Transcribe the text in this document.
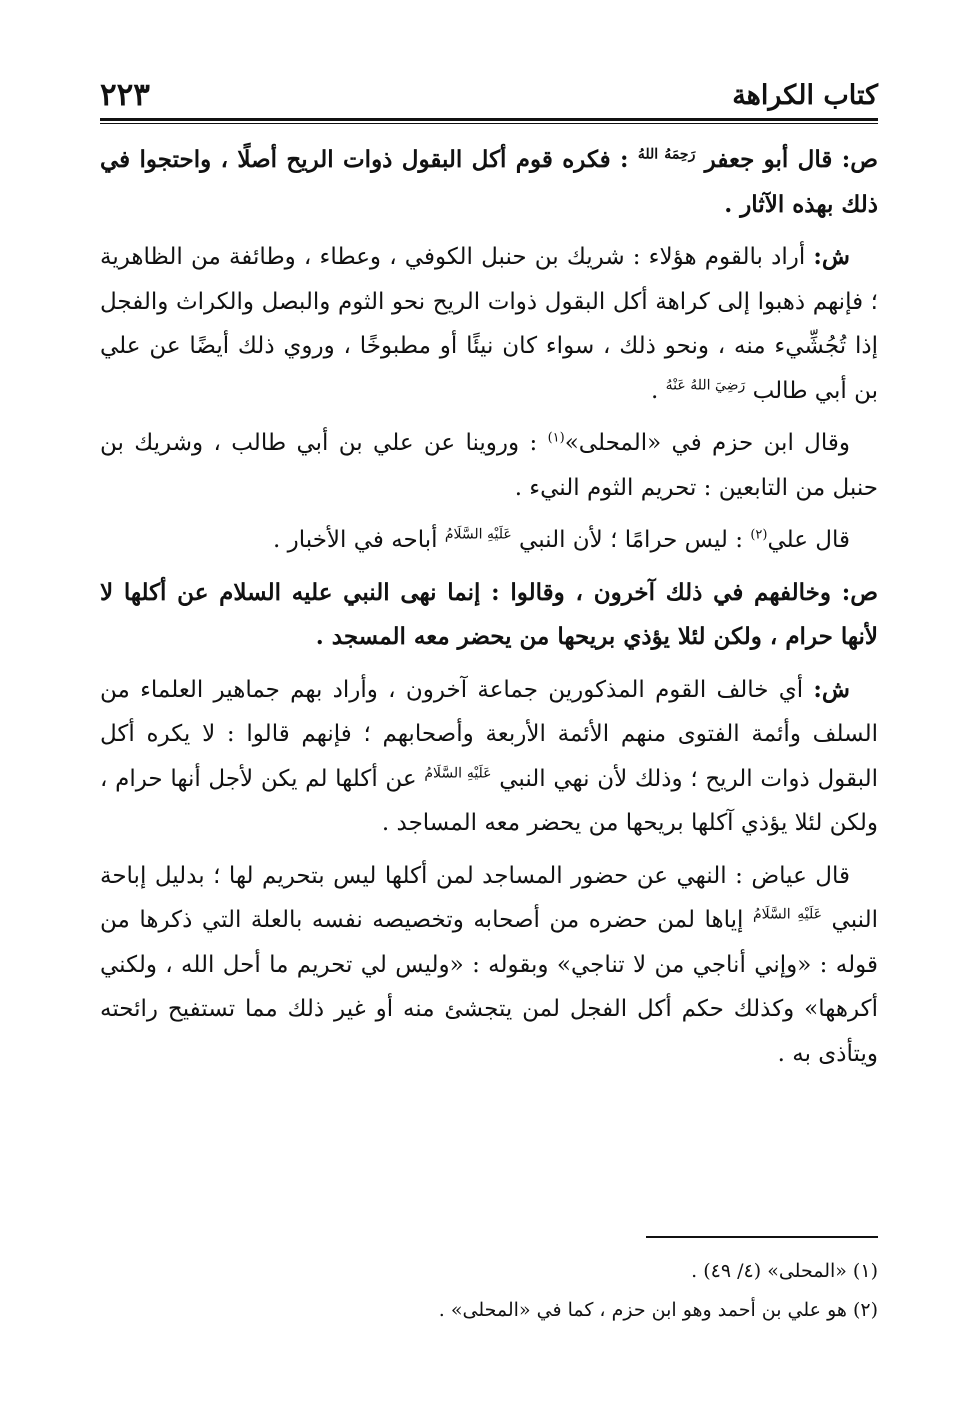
كتاب الكراهة
٢٢٣

ص: قال أبو جعفر $^{رَحِمَهُ اللهُ}$ : فكره قوم أكل البقول ذوات الريح أصلًا ، واحتجوا في ذلك بهذه الآثار .

ش: أراد بالقوم هؤلاء : شريك بن حنبل الكوفي ، وعطاء ، وطائفة من الظاهرية ؛ فإنهم ذهبوا إلى كراهة أكل البقول ذوات الريح نحو الثوم والبصل والكراث والفجل إذا تُجُشِّيء منه ، ونحو ذلك ، سواء كان نيئًا أو مطبوخًا ، وروي ذلك أيضًا عن علي بن أبي طالب $^{رَضِيَ اللهُ عَنْهُ}$ .

وقال ابن حزم في «المحلى»$^{(١)}$ : وروينا عن علي بن أبي طالب ، وشريك بن حنبل من التابعين : تحريم الثوم النيء .

قال علي$^{(٢)}$ : ليس حرامًا ؛ لأن النبي $^{عَلَيْهِ السَّلَامُ}$ أباحه في الأخبار .

ص: وخالفهم في ذلك آخرون ، وقالوا : إنما نهى النبي عليه السلام عن أكلها لا لأنها حرام ، ولكن لئلا يؤذي بريحها من يحضر معه المسجد .

ش: أي خالف القوم المذكورين جماعة آخرون ، وأراد بهم جماهير العلماء من السلف وأئمة الفتوى منهم الأئمة الأربعة وأصحابهم ؛ فإنهم قالوا : لا يكره أكل البقول ذوات الريح ؛ وذلك لأن نهي النبي $^{عَلَيْهِ السَّلَامُ}$ عن أكلها لم يكن لأجل أنها حرام ، ولكن لئلا يؤذي آكلها بريحها من يحضر معه المساجد .

قال عياض : النهي عن حضور المساجد لمن أكلها ليس بتحريم لها ؛ بدليل إباحة النبي $^{عَلَيْهِ السَّلَامُ}$ إياها لمن حضره من أصحابه وتخصيصه نفسه بالعلة التي ذكرها من قوله : «وإني أناجي من لا تناجي» وبقوله : «وليس لي تحريم ما أحل الله ، ولكني أكرهها» وكذلك حكم أكل الفجل لمن يتجشئ منه أو غير ذلك مما تستفيح رائحته ويتأذى به .

(١) «المحلى» (٤/ ٤٩) .
(٢) هو علي بن أحمد وهو ابن حزم ، كما في «المحلى» .
